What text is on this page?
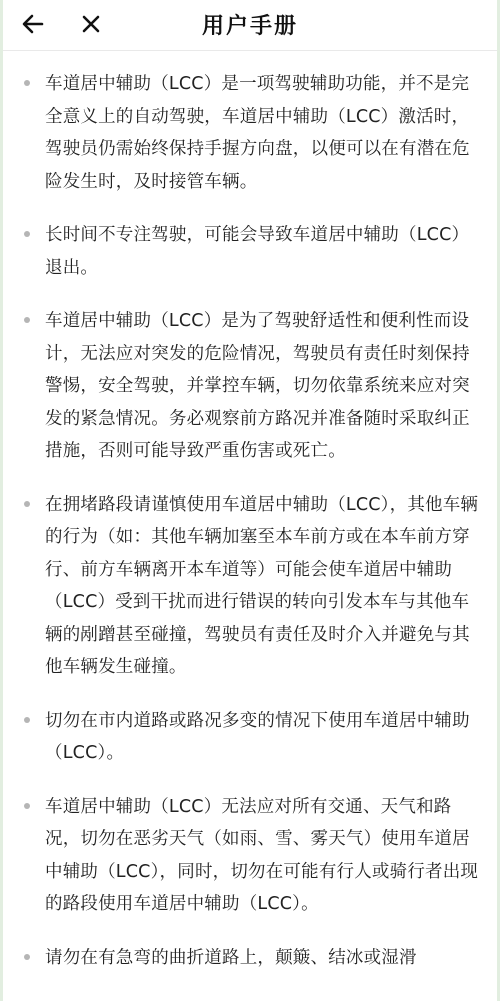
用户手册
车道居中辅助（LCC）是一项驾驶辅助功能，并不是完全意义上的自动驾驶，车道居中辅助（LCC）激活时，驾驶员仍需始终保持手握方向盘，以便可以在有潜在危险发生时，及时接管车辆。
长时间不专注驾驶，可能会导致车道居中辅助（LCC）退出。
车道居中辅助（LCC）是为了驾驶舒适性和便利性而设计，无法应对突发的危险情况，驾驶员有责任时刻保持警惕，安全驾驶，并掌控车辆，切勿依靠系统来应对突发的紧急情况。务必观察前方路况并准备随时采取纠正措施，否则可能导致严重伤害或死亡。
在拥堵路段请谨慎使用车道居中辅助（LCC），其他车辆的行为（如：其他车辆加塞至本车前方或在本车前方穿行、前方车辆离开本车道等）可能会使车道居中辅助（LCC）受到干扰而进行错误的转向引发本车与其他车辆的剐蹭甚至碰撞，驾驶员有责任及时介入并避免与其他车辆发生碰撞。
切勿在市内道路或路况多变的情况下使用车道居中辅助（LCC）。
车道居中辅助（LCC）无法应对所有交通、天气和路况，切勿在恶劣天气（如雨、雪、雾天气）使用车道居中辅助（LCC），同时，切勿在可能有行人或骑行者出现的路段使用车道居中辅助（LCC）。
请勿在有急弯的曲折道路上，颠簸、结冰或湿滑
